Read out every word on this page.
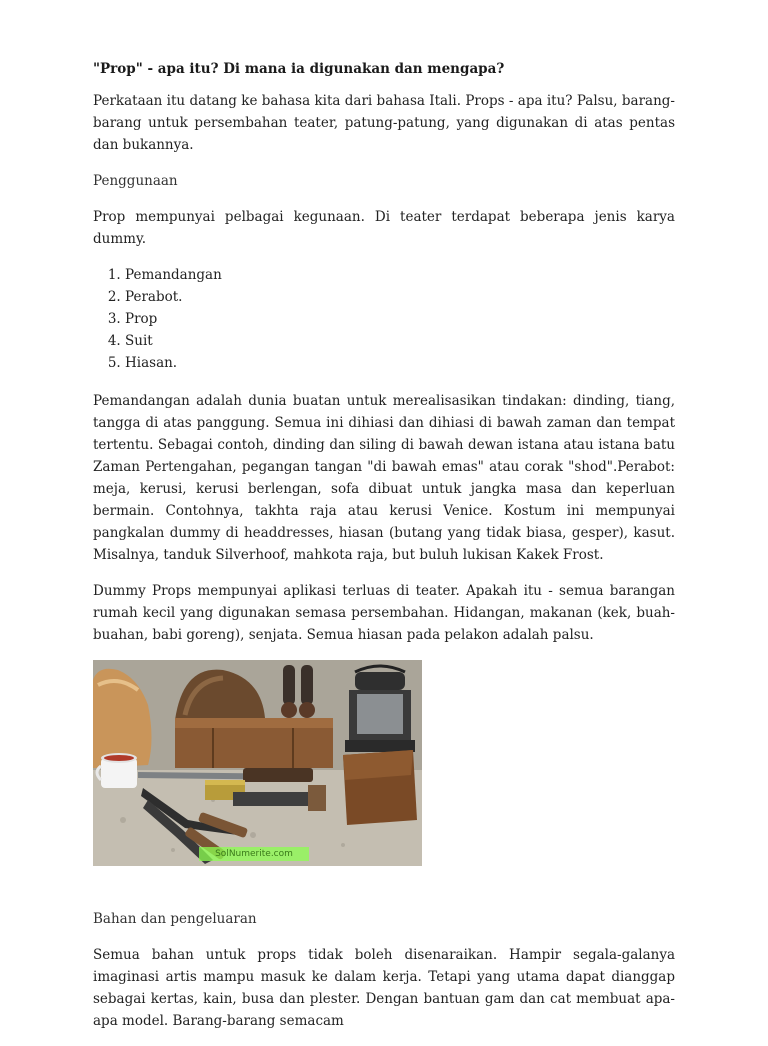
"Prop" - apa itu? Di mana ia digunakan dan mengapa?

Perkataan itu datang ke bahasa kita dari bahasa Itali. Props - apa itu? Palsu, barang-barang untuk persembahan teater, patung-patung, yang digunakan di atas pentas dan bukannya.

Penggunaan

Prop mempunyai pelbagai kegunaan. Di teater terdapat beberapa jenis karya dummy.

1. Pemandangan
2. Perabot.
3. Prop
4. Suit
5. Hiasan.

Pemandangan adalah dunia buatan untuk merealisasikan tindakan: dinding, tiang, tangga di atas panggung. Semua ini dihiasi dan dihiasi di bawah zaman dan tempat tertentu. Sebagai contoh, dinding dan siling di bawah dewan istana atau istana batu Zaman Pertengahan, pegangan tangan "di bawah emas" atau corak "shod".Perabot: meja, kerusi, kerusi berlengan, sofa dibuat untuk jangka masa dan keperluan bermain. Contohnya, takhta raja atau kerusi Venice. Kostum ini mempunyai pangkalan dummy di headdresses, hiasan (butang yang tidak biasa, gesper), kasut. Misalnya, tanduk Silverhoof, mahkota raja, but buluh lukisan Kakek Frost.

Dummy Props mempunyai aplikasi terluas di teater. Apakah itu - semua barangan rumah kecil yang digunakan semasa persembahan. Hidangan, makanan (kek, buah-buahan, babi goreng), senjata. Semua hiasan pada pelakon adalah palsu.

SolNumerite.com

Bahan dan pengeluaran

Semua bahan untuk props tidak boleh disenaraikan. Hampir segala-galanya imaginasi artis mampu masuk ke dalam kerja. Tetapi yang utama dapat dianggap sebagai kertas, kain, busa dan plester. Dengan bantuan gam dan cat membuat apa-apa model. Barang-barang semacam
